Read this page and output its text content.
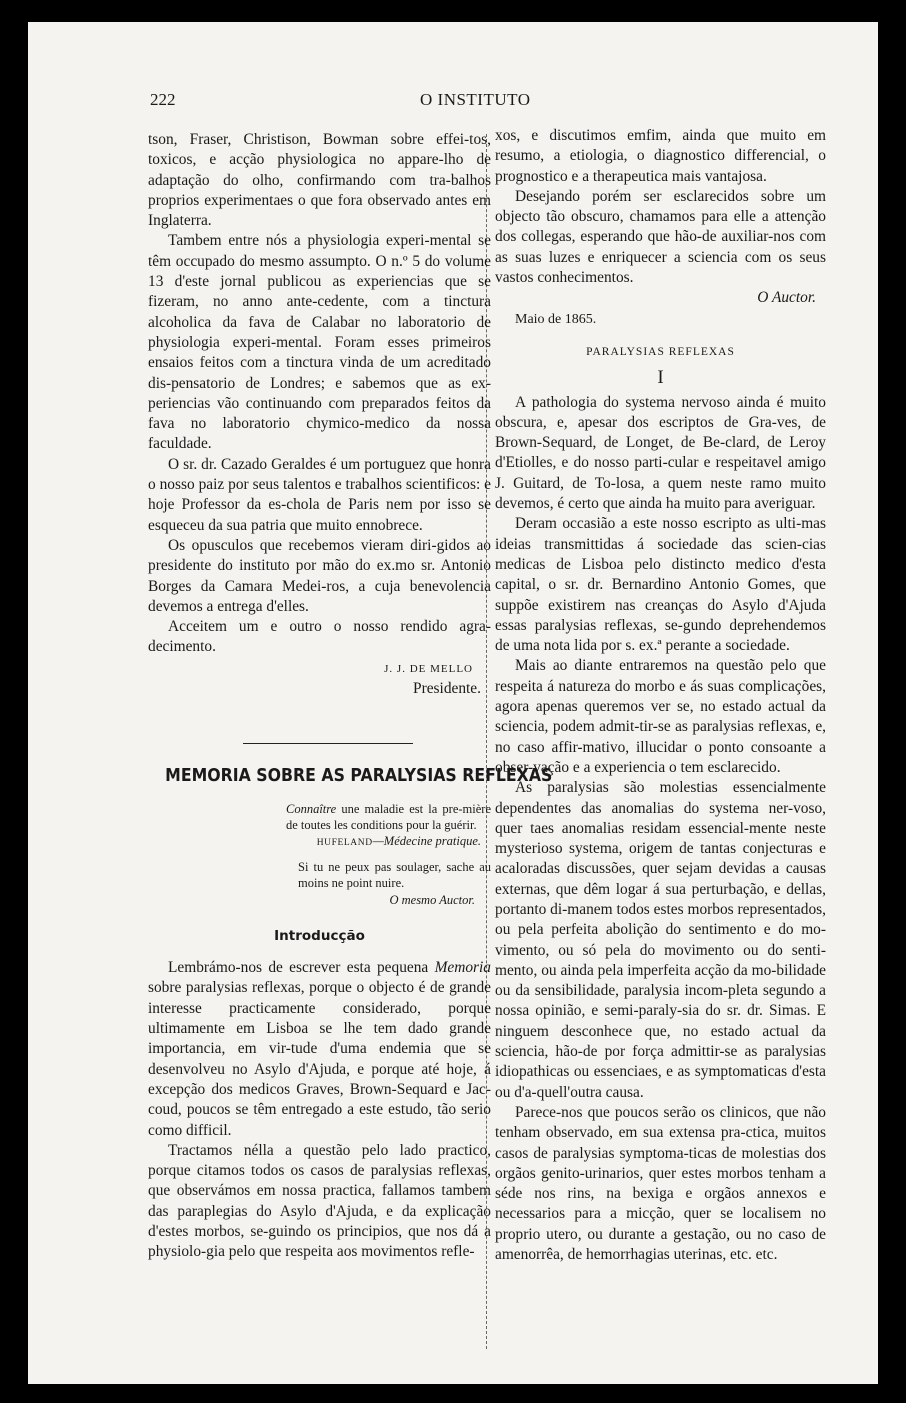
222	O INSTITUTO

tson, Fraser, Christison, Bowman sobre effei-tos, toxicos, e acção physiologica no appare-lho de adaptação do olho, confirmando com tra-balhos proprios experimentaes o que fora observado antes em Inglaterra.

Tambem entre nós a physiologia experi-mental se têm occupado do mesmo assumpto. O n.º 5 do volume 13 d'este jornal publicou as experiencias que se fizeram, no anno ante-cedente, com a tinctura alcoholica da fava de Calabar no laboratorio de physiologia experi-mental. Foram esses primeiros ensaios feitos com a tinctura vinda de um acreditado dis-pensatorio de Londres; e sabemos que as ex-periencias vão continuando com preparados feitos da fava no laboratorio chymico-medico da nossa faculdade.

O sr. dr. Cazado Geraldes é um portuguez que honra o nosso paiz por seus talentos e trabalhos scientificos: e hoje Professor da es-chola de Paris nem por isso se esqueceu da sua patria que muito ennobrece.

Os opusculos que recebemos vieram diri-gidos ao presidente do instituto por mão do ex.mo sr. Antonio Borges da Camara Medei-ros, a cuja benevolencia devemos a entrega d'elles.

Acceitem um e outro o nosso rendido agra-decimento.

J. J. DE MELLO
Presidente.
MEMORIA SOBRE AS PARALYSIAS REFLEXAS
Connaître une maladie est la pre-mière de toutes les conditions pour la guérir.
HUFELAND—Médecine pratique.
Si tu ne peux pas soulager, sache au moins ne point nuire.
O mesmo Auctor.
Introducção

Lembrámo-nos de escrever esta pequena Memoria sobre paralysias reflexas, porque o objecto é de grande interesse practicamente considerado, porque ultimamente em Lisboa se lhe tem dado grande importancia, em vir-tude d'uma endemia que se desenvolveu no Asylo d'Ajuda, e porque até hoje, á excepção dos medicos Graves, Brown-Sequard e Jac-coud, poucos se têm entregado a este estudo, tão serio como difficil.

Tractamos nélla a questão pelo lado practico, porque citamos todos os casos de paralysias reflexas, que observámos em nossa practica, fallamos tambem das paraplegias do Asylo d'Ajuda, e da explicação d'estes morbos, se-guindo os principios, que nos dá a physiolo-gia pelo que respeita aos movimentos refle-

xos, e discutimos emfim, ainda que muito em resumo, a etiologia, o diagnostico differencial, o prognostico e a therapeutica mais vantajosa.

Desejando porém ser esclarecidos sobre um objecto tão obscuro, chamamos para elle a attenção dos collegas, esperando que hão-de auxiliar-nos com as suas luzes e enriquecer a sciencia com os seus vastos conhecimentos.

O Auctor.
Maio de 1865.
PARALYSIAS REFLEXAS
I

A pathologia do systema nervoso ainda é muito obscura, e, apesar dos escriptos de Gra-ves, de Brown-Sequard, de Longet, de Be-clard, de Leroy d'Etiolles, e do nosso parti-cular e respeitavel amigo J. Guitard, de To-losa, a quem neste ramo muito devemos, é certo que ainda ha muito para averiguar.

Deram occasião a este nosso escripto as ulti-mas ideias transmittidas á sociedade das scien-cias medicas de Lisboa pelo distincto medico d'esta capital, o sr. dr. Bernardino Antonio Gomes, que suppõe existirem nas creanças do Asylo d'Ajuda essas paralysias reflexas, se-gundo deprehendemos de uma nota lida por s. ex.ª perante a sociedade.

Mais ao diante entraremos na questão pelo que respeita á natureza do morbo e ás suas complicações, agora apenas queremos ver se, no estado actual da sciencia, podem admit-tir-se as paralysias reflexas, e, no caso affir-mativo, illucidar o ponto consoante a obser-vação e a experiencia o tem esclarecido.

As paralysias são molestias essencialmente dependentes das anomalias do systema ner-voso, quer taes anomalias residam essencial-mente neste mysterioso systema, origem de tantas conjecturas e acaloradas discussões, quer sejam devidas a causas externas, que dêm logar á sua perturbação, e dellas, portanto di-manem todos estes morbos representados, ou pela perfeita abolição do sentimento e do mo-vimento, ou só pela do movimento ou do senti-mento, ou ainda pela imperfeita acção da mo-bilidade ou da sensibilidade, paralysia incom-pleta segundo a nossa opinião, e semi-paraly-sia do sr. dr. Simas. E ninguem desconhece que, no estado actual da sciencia, hão-de por força admittir-se as paralysias idiopathicas ou essenciaes, e as symptomaticas d'esta ou d'a-quell'outra causa.

Parece-nos que poucos serão os clinicos, que não tenham observado, em sua extensa pra-ctica, muitos casos de paralysias symptoma-ticas de molestias dos orgãos genito-urinarios, quer estes morbos tenham a séde nos rins, na bexiga e orgãos annexos e necessarios para a micção, quer se localisem no proprio utero, ou durante a gestação, ou no caso de amenorrêa, de hemorrhagias uterinas, etc. etc.
